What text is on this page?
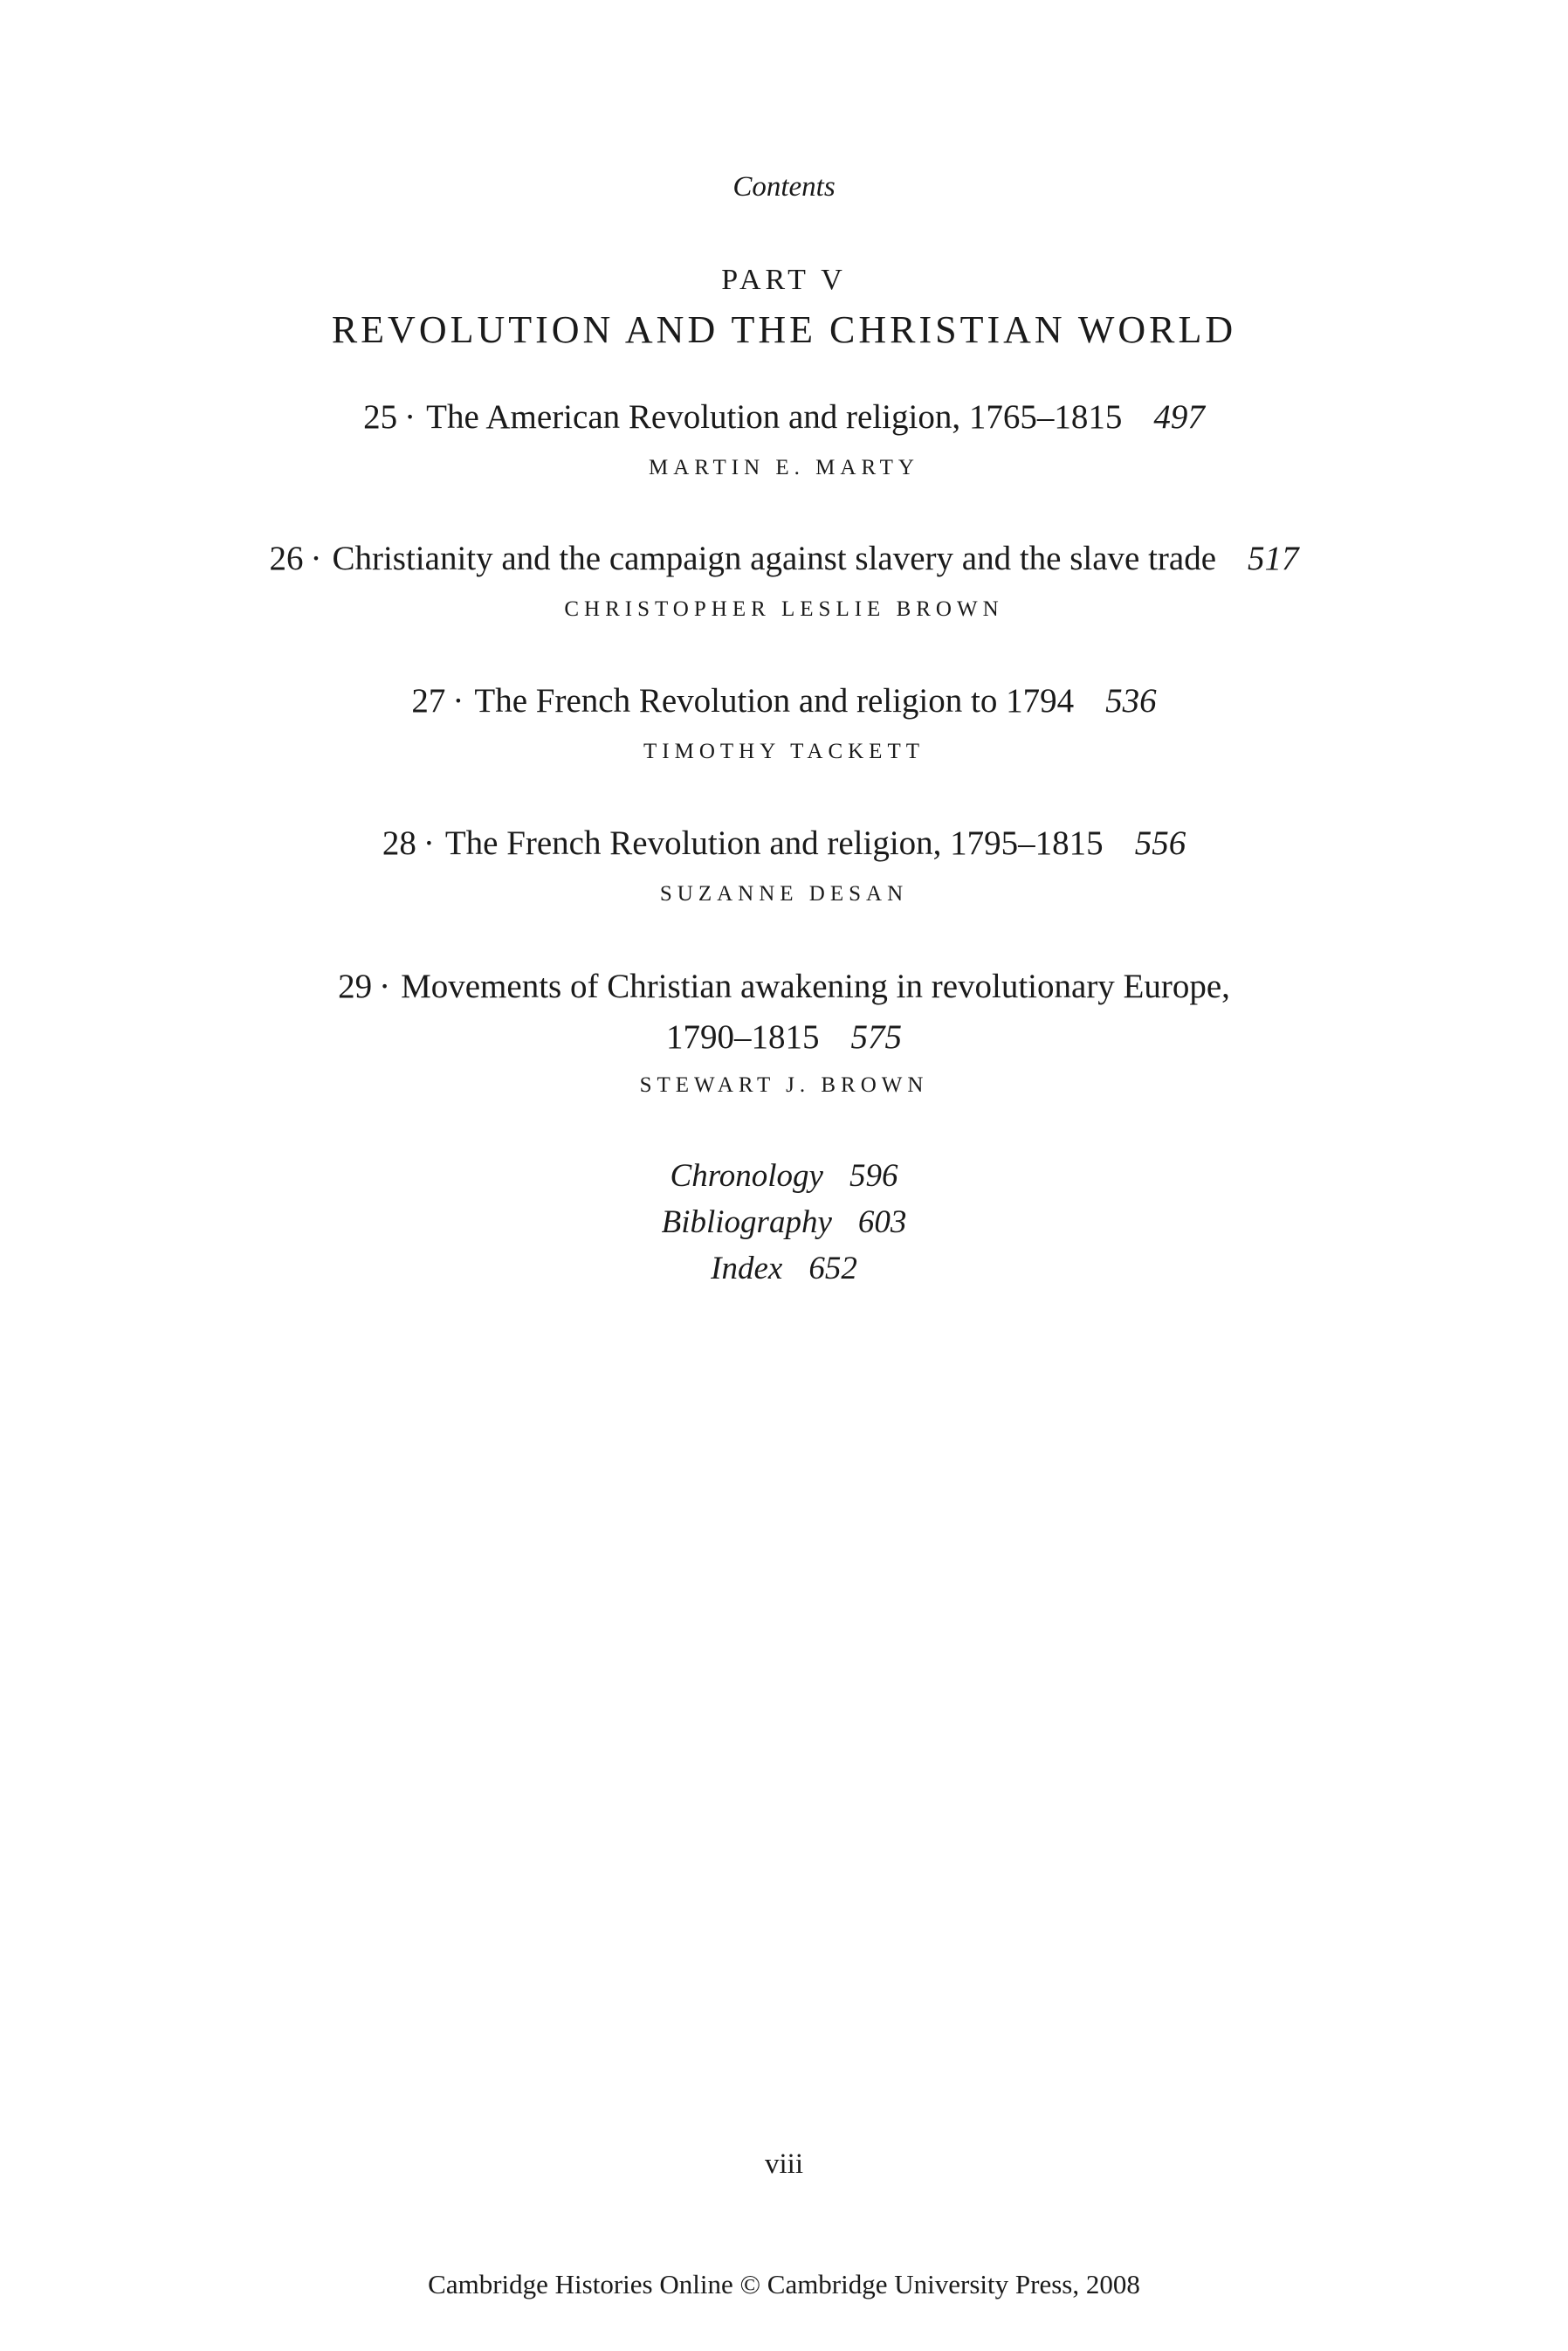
Contents
PART V
REVOLUTION AND THE CHRISTIAN WORLD
25 · The American Revolution and religion, 1765–1815 497
MARTIN E. MARTY
26 · Christianity and the campaign against slavery and the slave trade 517
CHRISTOPHER LESLIE BROWN
27 · The French Revolution and religion to 1794 536
TIMOTHY TACKETT
28 · The French Revolution and religion, 1795–1815 556
SUZANNE DESAN
29 · Movements of Christian awakening in revolutionary Europe,
1790–1815 575
STEWART J. BROWN
Chronology 596
Bibliography 603
Index 652
viii
Cambridge Histories Online © Cambridge University Press, 2008
